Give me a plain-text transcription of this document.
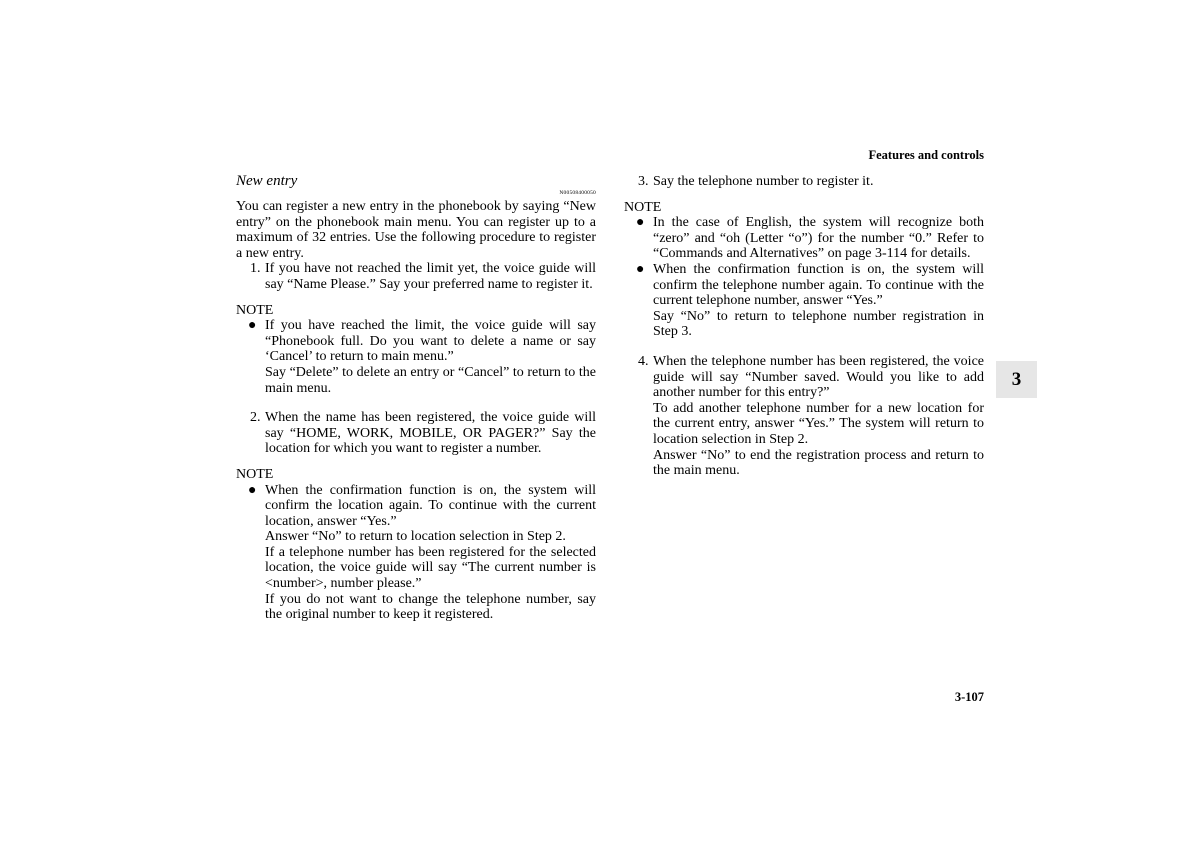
Features and controls
3

New entry

N00508400050

You can register a new entry in the phonebook by saying “New entry” on the phonebook main menu. You can register up to a maximum of 32 entries. Use the following procedure to register a new entry.

1. If you have not reached the limit yet, the voice guide will say “Name Please.” Say your preferred name to register it.

NOTE

● If you have reached the limit, the voice guide will say “Phonebook full. Do you want to delete a name or say ‘Cancel’ to return to main menu.”

Say “Delete” to delete an entry or “Cancel” to return to the main menu.

2. When the name has been registered, the voice guide will say “HOME, WORK, MOBILE, OR PAGER?” Say the location for which you want to register a number.

NOTE

● When the confirmation function is on, the system will confirm the location again. To continue with the current location, answer “Yes.”

Answer “No” to return to location selection in Step 2.

If a telephone number has been registered for the selected location, the voice guide will say “The current number is <number>, number please.”

If you do not want to change the telephone number, say the original number to keep it registered.

3. Say the telephone number to register it.

NOTE

● In the case of English, the system will recognize both “zero” and “oh (Letter “o”) for the number “0.” Refer to “Commands and Alternatives” on page 3-114 for details.

● When the confirmation function is on, the system will confirm the telephone number again. To continue with the current telephone number, answer “Yes.”

Say “No” to return to telephone number registration in Step 3.

4. When the telephone number has been registered, the voice guide will say “Number saved. Would you like to add another number for this entry?”

To add another telephone number for a new location for the current entry, answer “Yes.” The system will return to location selection in Step 2.

Answer “No” to end the registration process and return to the main menu.

3-107
